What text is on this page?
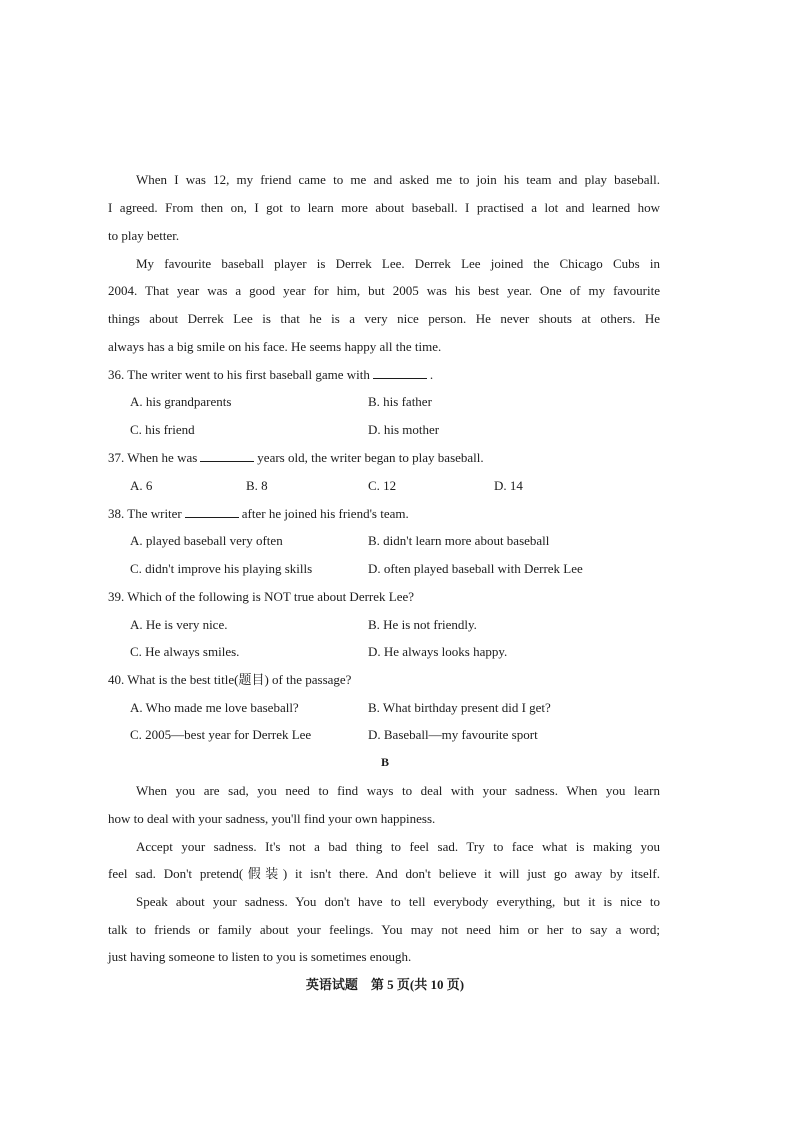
When I was 12, my friend came to me and asked me to join his team and play baseball.
I agreed. From then on, I got to learn more about baseball. I practised a lot and learned how
to play better.
My favourite baseball player is Derrek Lee. Derrek Lee joined the Chicago Cubs in
2004. That year was a good year for him, but 2005 was his best year. One of my favourite
things about Derrek Lee is that he is a very nice person. He never shouts at others. He
always has a big smile on his face. He seems happy all the time.
36. The writer went to his first baseball game with	.
A. his grandparents	B. his father
C. his friend	D. his mother
37. When he was	years old, the writer began to play baseball.
A. 6	B. 8	C. 12	D. 14
38. The writer	after he joined his friend's team.
A. played baseball very often	B. didn't learn more about baseball
C. didn't improve his playing skills	D. often played baseball with Derrek Lee
39. Which of the following is NOT true about Derrek Lee?
A. He is very nice.	B. He is not friendly.
C. He always smiles.	D. He always looks happy.
40. What is the best title(题目) of the passage?
A. Who made me love baseball?	B. What birthday present did I get?
C. 2005—best year for Derrek Lee	D. Baseball—my favourite sport
B
When you are sad, you need to find ways to deal with your sadness. When you learn
how to deal with your sadness, you'll find your own happiness.
Accept your sadness. It's not a bad thing to feel sad. Try to face what is making you
feel sad. Don't pretend(假装) it isn't there. And don't believe it will just go away by itself.
Speak about your sadness. You don't have to tell everybody everything, but it is nice to
talk to friends or family about your feelings. You may not need him or her to say a word;
just having someone to listen to you is sometimes enough.
英语试题　第 5 页(共 10 页)
